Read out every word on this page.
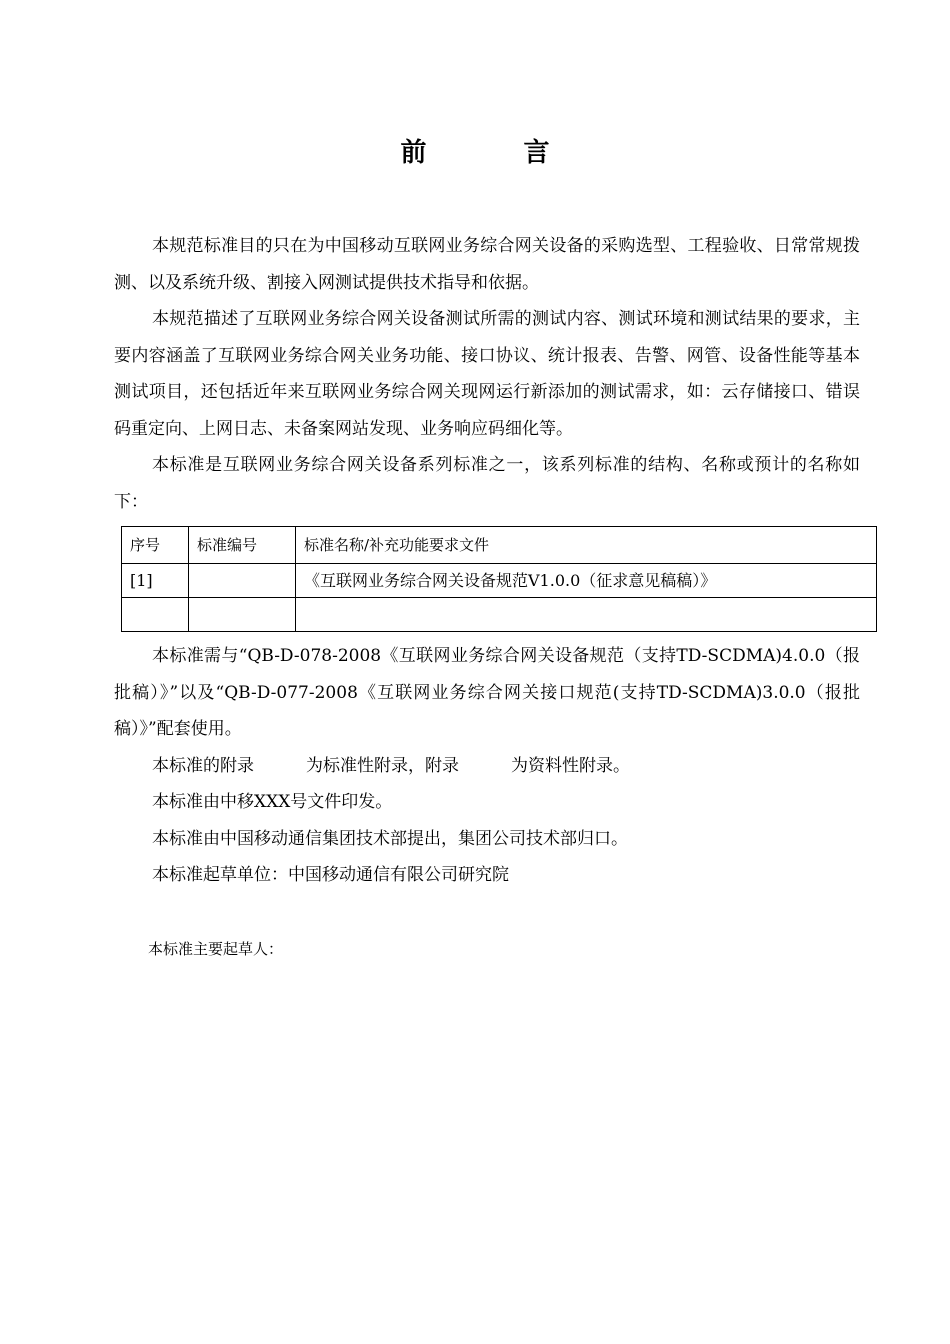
前 言

本规范标准目的只在为中国移动互联网业务综合网关设备的采购选型、工程验收、日常常规拨测、以及系统升级、割接入网测试提供技术指导和依据。

本规范描述了互联网业务综合网关设备测试所需的测试内容、测试环境和测试结果的要求，主要内容涵盖了互联网业务综合网关业务功能、接口协议、统计报表、告警、网管、设备性能等基本测试项目，还包括近年来互联网业务综合网关现网运行新添加的测试需求，如：云存储接口、错误码重定向、上网日志、未备案网站发现、业务响应码细化等。

本标准是互联网业务综合网关设备系列标准之一，该系列标准的结构、名称或预计的名称如下：

序号	标准编号	标准名称/补充功能要求文件
[1]		《互联网业务综合网关设备规范V1.0.0（征求意见稿稿）》

本标准需与“QB-D-078-2008《互联网业务综合网关设备规范（支持TD-SCDMA)4.0.0（报批稿）》”以及“QB-D-077-2008《互联网业务综合网关接口规范(支持TD-SCDMA)3.0.0（报批稿）》”配套使用。

本标准的附录	为标准性附录，附录	为资料性附录。

本标准由中移XXX号文件印发。

本标准由中国移动通信集团技术部提出，集团公司技术部归口。

本标准起草单位：中国移动通信有限公司研究院

本标准主要起草人：
